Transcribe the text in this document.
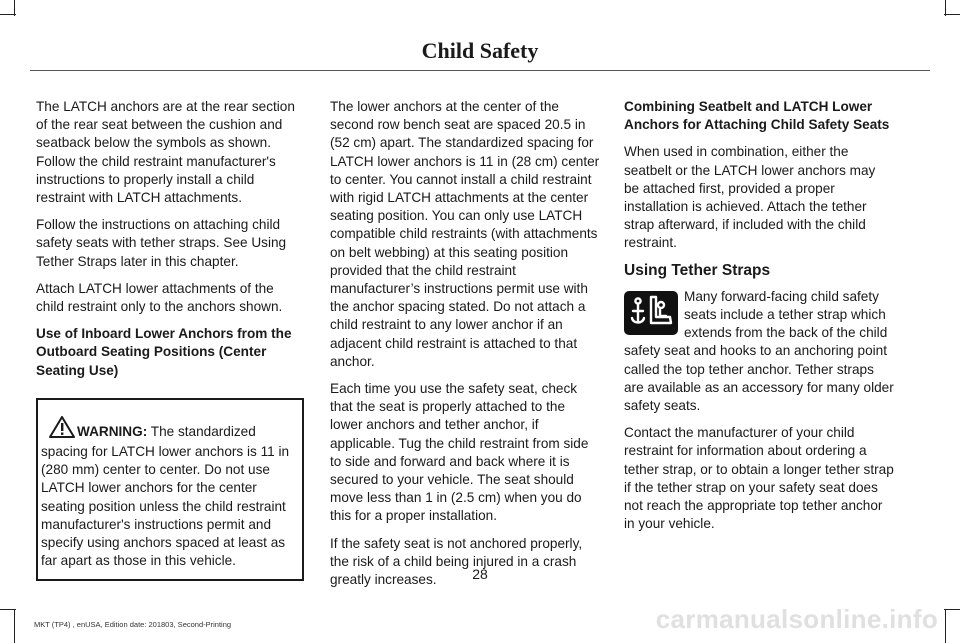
Child Safety

The LATCH anchors are at the rear section of the rear seat between the cushion and seatback below the symbols as shown. Follow the child restraint manufacturer's instructions to properly install a child restraint with LATCH attachments.

Follow the instructions on attaching child safety seats with tether straps. See Using Tether Straps later in this chapter.

Attach LATCH lower attachments of the child restraint only to the anchors shown.

Use of Inboard Lower Anchors from the Outboard Seating Positions (Center Seating Use)

WARNING: The standardized spacing for LATCH lower anchors is 11 in (280 mm) center to center. Do not use LATCH lower anchors for the center seating position unless the child restraint manufacturer's instructions permit and specify using anchors spaced at least as far apart as those in this vehicle.

The lower anchors at the center of the second row bench seat are spaced 20.5 in (52 cm) apart. The standardized spacing for LATCH lower anchors is 11 in (28 cm) center to center. You cannot install a child restraint with rigid LATCH attachments at the center seating position. You can only use LATCH compatible child restraints (with attachments on belt webbing) at this seating position provided that the child restraint manufacturer’s instructions permit use with the anchor spacing stated. Do not attach a child restraint to any lower anchor if an adjacent child restraint is attached to that anchor.

Each time you use the safety seat, check that the seat is properly attached to the lower anchors and tether anchor, if applicable. Tug the child restraint from side to side and forward and back where it is secured to your vehicle. The seat should move less than 1 in (2.5 cm) when you do this for a proper installation.

If the safety seat is not anchored properly, the risk of a child being injured in a crash greatly increases.

Combining Seatbelt and LATCH Lower Anchors for Attaching Child Safety Seats

When used in combination, either the seatbelt or the LATCH lower anchors may be attached first, provided a proper installation is achieved. Attach the tether strap afterward, if included with the child restraint.

Using Tether Straps

Many forward-facing child safety seats include a tether strap which extends from the back of the child safety seat and hooks to an anchoring point called the top tether anchor. Tether straps are available as an accessory for many older safety seats.

Contact the manufacturer of your child restraint for information about ordering a tether strap, or to obtain a longer tether strap if the tether strap on your safety seat does not reach the appropriate top tether anchor in your vehicle.

28
MKT (TP4) , enUSA, Edition date: 201803, Second-Printing	carmanualsonline.info
